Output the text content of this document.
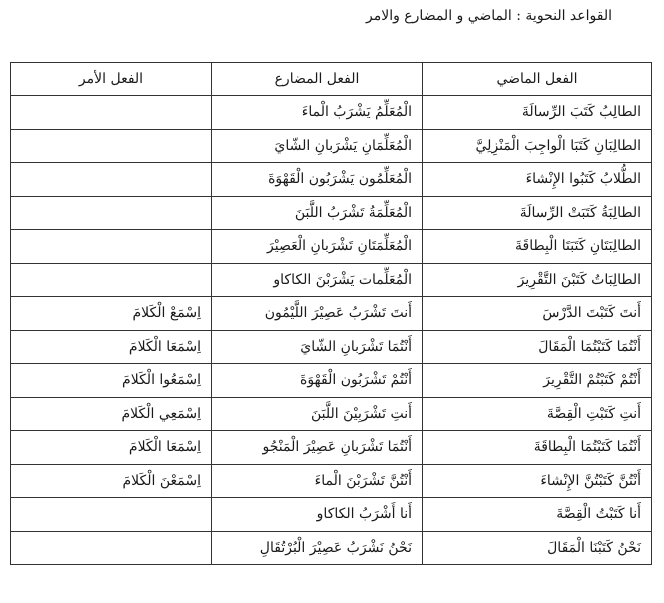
القواعد النحوية : الماضي و المضارع والامر
الفعل الماضي	الفعل المضارع	الفعل الأمر
الطالِبُ كَتَبَ الرِّسالَةَ	الْمُعَلِّمُ يَشْرَبُ الْماءَ	
الطالِبَانِ كَتَبَا الْواجِبَ الْمَنْزِلِيَّ	الْمُعَلِّمَانِ يَشْرَبانِ الشّايَ	
الطُّلابُ كَتَبُوا الإِنْشاءَ	الْمُعَلِّمُون يَشْرَبُون الْقَهْوَةَ	
الطالِبَةُ كَتَبَتْ الرِّسالَةَ	الْمُعَلِّمَةُ تَشْرَبُ اللَّبَنَ	
الطالِبَتَانِ كَتَبَتَا الْبِطاقَةَ	الْمُعَلِّمَتَانِ تَشْرَبانِ الْعَصِيْرَ	
الطالِبَاتُ كَتَبْنَ التَّقْرِيرَ	الْمُعَلِّمات يَشْرَبْنَ الكاكاو	
أَنتَ كَتَبْتَ الدَّرْسَ	أَنتَ تَشْرَبُ عَصِيْرَ اللَّيْمُون	اِسْمَعْ الْكَلامَ
أَنْتُمَا كَتَبْتُمَا الْمَقَالَ	أَنْتُمَا تَشْرَبانِ الشّايَ	اِسْمَعَا الْكَلامَ
أَنْتُمْ كَتَبْتُمْ التَّقْرِيرَ	أَنْتُمْ تَشْرَبُون الْقَهْوَةَ	اِسْمَعُوا الْكَلامَ
أَنتِ كَتَبْتِ الْقِصَّةَ	أَنتِ تَشْرَبِيْنَ اللَّبَنَ	اِسْمَعِي الْكَلامَ
أَنْتُمَا كَتَبْتُمَا الْبِطاقَةَ	أَنْتُمَا تَشْرَبانِ عَصِيْرَ الْمَنْجُو	اِسْمَعَا الْكَلامَ
أَنْتُنَّ كَتَبْتُنَّ الإِنْشاءَ	أَنْتُنَّ تَشْرَبْنَ الْماءَ	اِسْمَعْنَ الْكَلامَ
أَنا كَتَبْتُ الْقِصَّةَ	أَنا أَشْرَبُ الكاكاو	
نَحْنُ كَتَبْنَا الْمَقَالَ	نَحْنُ نَشْرَبُ عَصِيْرَ الْبُرْتُقَالِ	
